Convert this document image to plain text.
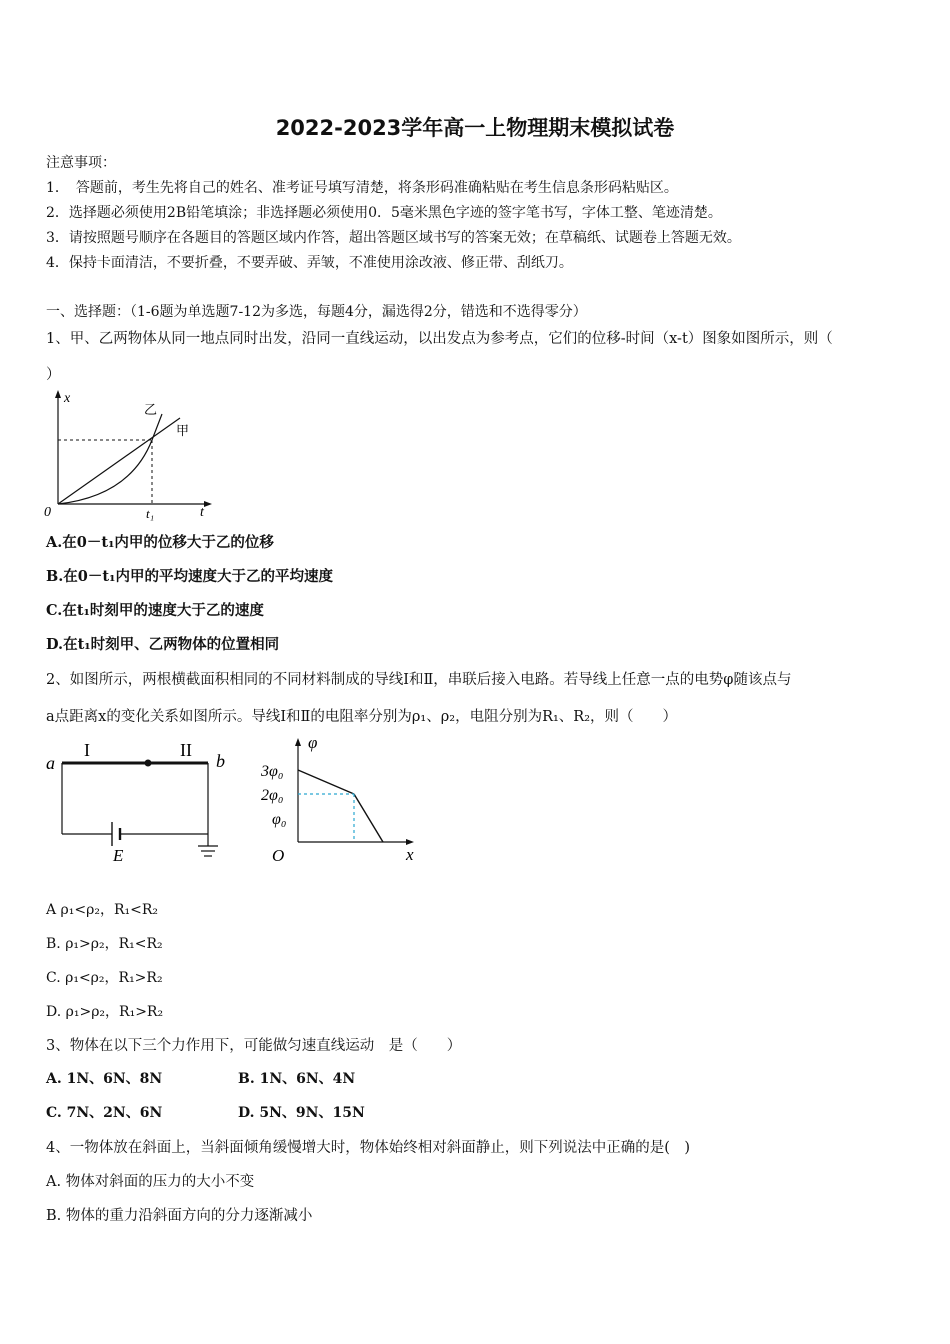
2022-2023学年高一上物理期末模拟试卷
注意事项：
1．　答题前，考生先将自己的姓名、准考证号填写清楚，将条形码准确粘贴在考生信息条形码粘贴区。
2．选择题必须使用2B铅笔填涂；非选择题必须使用0．5毫米黑色字迹的签字笔书写，字体工整、笔迹清楚。
3．请按照题号顺序在各题目的答题区域内作答，超出答题区域书写的答案无效；在草稿纸、试题卷上答题无效。
4．保持卡面清洁，不要折叠，不要弄破、弄皱，不准使用涂改液、修正带、刮纸刀。
一、选择题：（1-6题为单选题7-12为多选，每题4分，漏选得2分，错选和不选得零分）
1、甲、乙两物体从同一地点同时出发，沿同一直线运动，以出发点为参考点，它们的位移-时间（x-t）图象如图所示，则（
）
x
t
0	t₁
乙
甲
A.在0－t₁内甲的位移大于乙的位移
B.在0－t₁内甲的平均速度大于乙的平均速度
C.在t₁时刻甲的速度大于乙的速度
D.在t₁时刻甲、乙两物体的位置相同
2、如图所示，两根横截面积相同的不同材料制成的导线Ⅰ和Ⅱ，串联后接入电路。若导线上任意一点的电势φ随该点与
a点距离x的变化关系如图所示。导线Ⅰ和Ⅱ的电阻率分别为ρ₁、ρ₂，电阻分别为R₁、R₂，则（　　）
a	b
I	II
E
φ
x
O
3φ₀
2φ₀
φ₀
A ρ₁<ρ₂，R₁<R₂
B. ρ₁>ρ₂，R₁<R₂
C. ρ₁<ρ₂，R₁>R₂
D. ρ₁>ρ₂，R₁>R₂
3、物体在以下三个力作用下，可能做匀速直线运动　是（　　）
A. 1N、6N、8N	B. 1N、6N、4N
C. 7N、2N、6N	D. 5N、9N、15N
4、一物体放在斜面上，当斜面倾角缓慢增大时，物体始终相对斜面静止，则下列说法中正确的是(　)
A. 物体对斜面的压力的大小不变
B. 物体的重力沿斜面方向的分力逐渐减小
